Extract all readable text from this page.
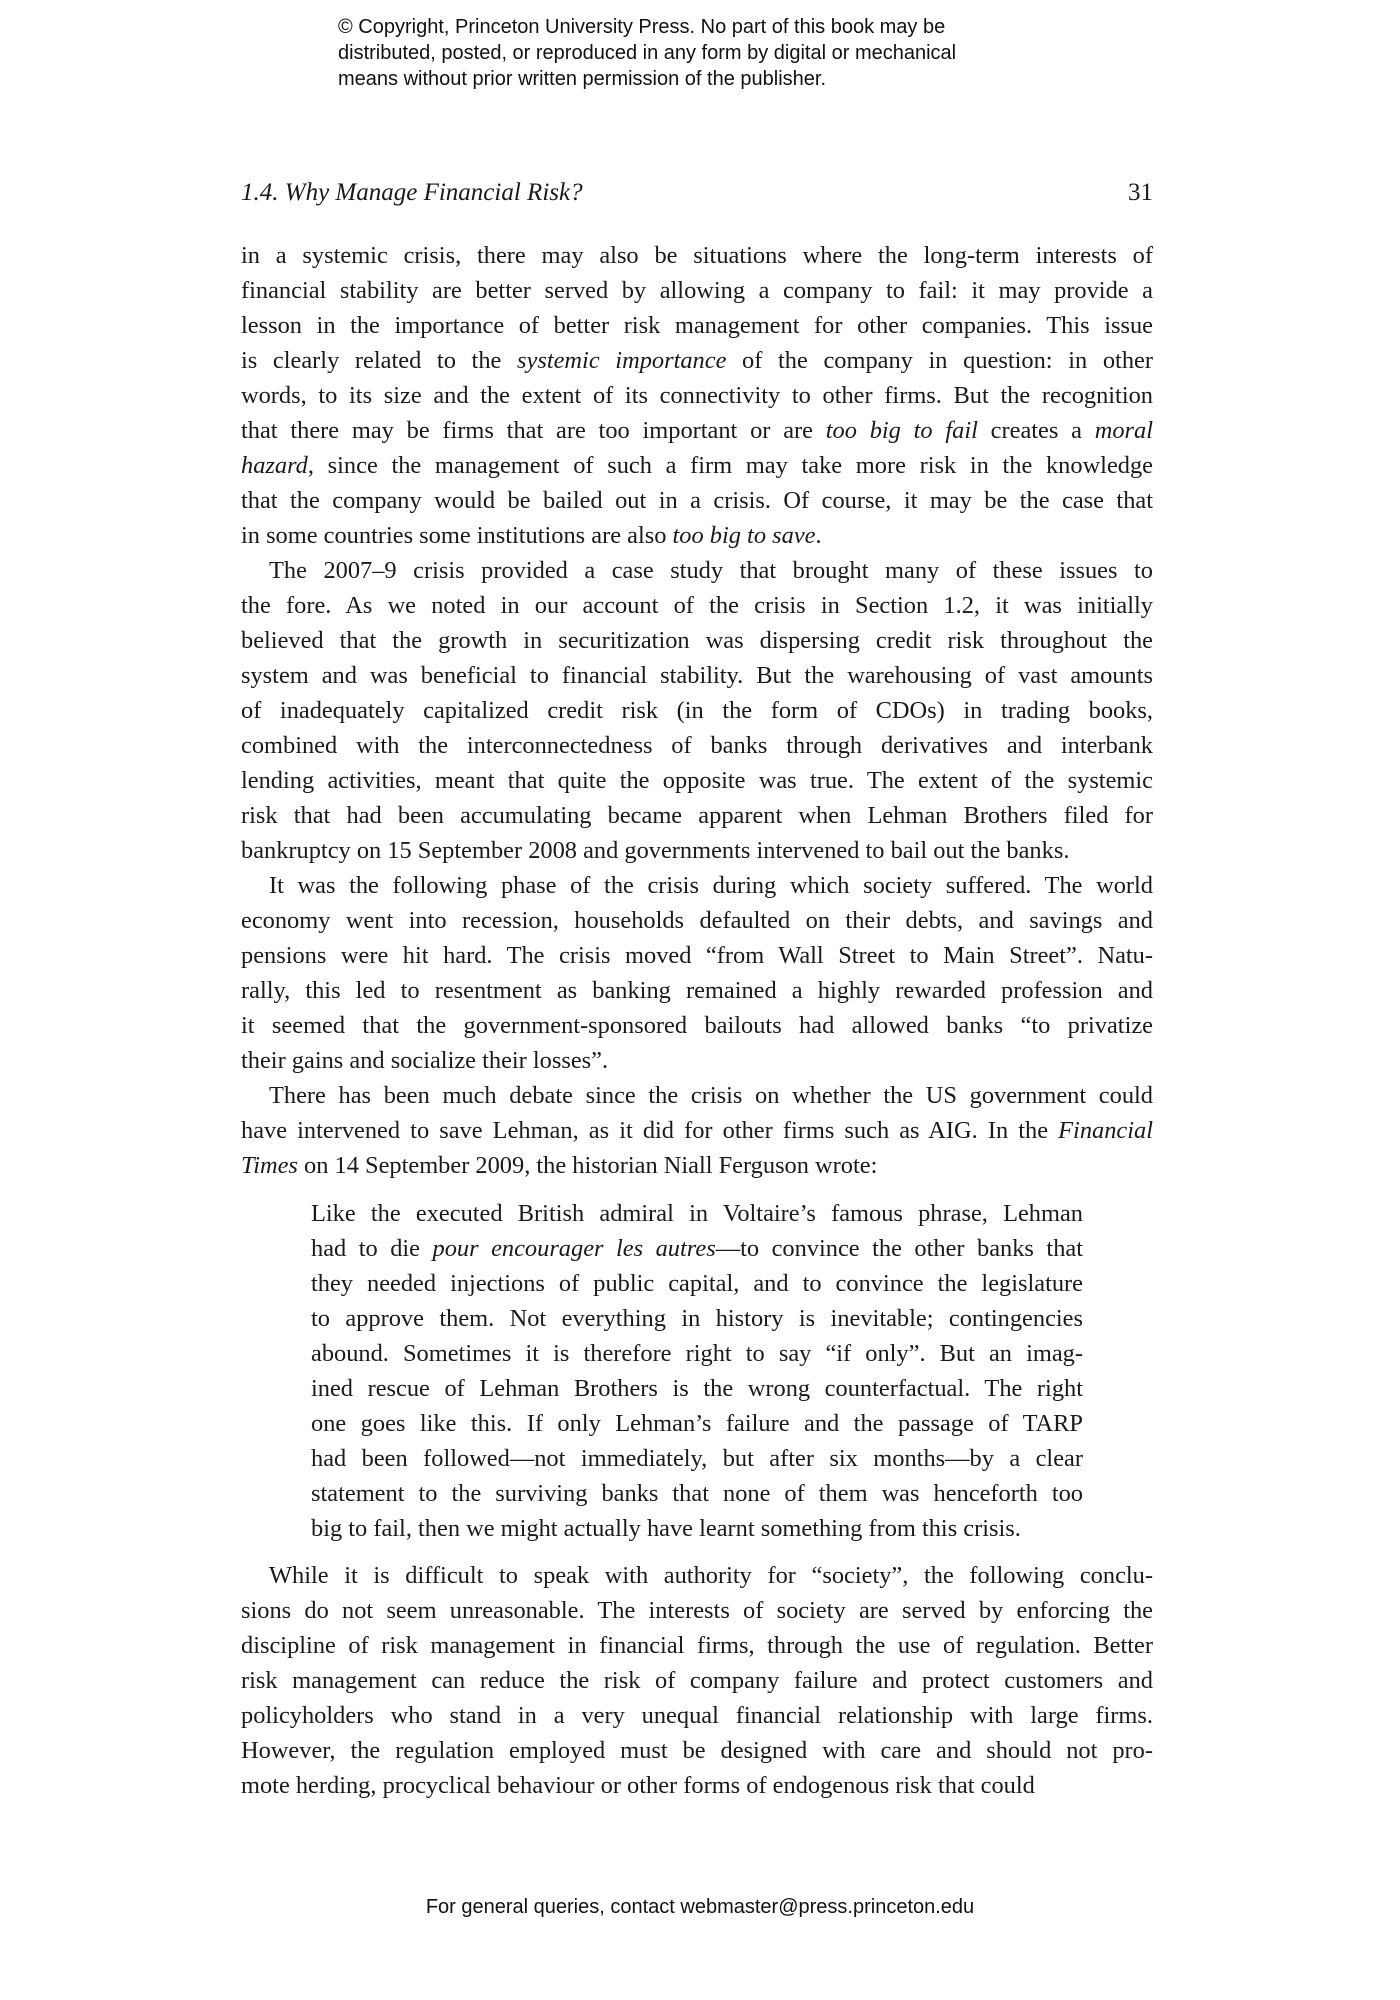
© Copyright, Princeton University Press. No part of this book may be
distributed, posted, or reproduced in any form by digital or mechanical
means without prior written permission of the publisher.
1.4. Why Manage Financial Risk?	31
in a systemic crisis, there may also be situations where the long-term interests of
financial stability are better served by allowing a company to fail: it may provide a
lesson in the importance of better risk management for other companies. This issue
is clearly related to the systemic importance of the company in question: in other
words, to its size and the extent of its connectivity to other firms. But the recognition
that there may be firms that are too important or are too big to fail creates a moral
hazard, since the management of such a firm may take more risk in the knowledge
that the company would be bailed out in a crisis. Of course, it may be the case that
in some countries some institutions are also too big to save.
The 2007–9 crisis provided a case study that brought many of these issues to
the fore. As we noted in our account of the crisis in Section 1.2, it was initially
believed that the growth in securitization was dispersing credit risk throughout the
system and was beneficial to financial stability. But the warehousing of vast amounts
of inadequately capitalized credit risk (in the form of CDOs) in trading books,
combined with the interconnectedness of banks through derivatives and interbank
lending activities, meant that quite the opposite was true. The extent of the systemic
risk that had been accumulating became apparent when Lehman Brothers filed for
bankruptcy on 15 September 2008 and governments intervened to bail out the banks.
It was the following phase of the crisis during which society suffered. The world
economy went into recession, households defaulted on their debts, and savings and
pensions were hit hard. The crisis moved “from Wall Street to Main Street”. Natu-
rally, this led to resentment as banking remained a highly rewarded profession and
it seemed that the government-sponsored bailouts had allowed banks “to privatize
their gains and socialize their losses”.
There has been much debate since the crisis on whether the US government could
have intervened to save Lehman, as it did for other firms such as AIG. In the Financial
Times on 14 September 2009, the historian Niall Ferguson wrote:
Like the executed British admiral in Voltaire’s famous phrase, Lehman
had to die pour encourager les autres—to convince the other banks that
they needed injections of public capital, and to convince the legislature
to approve them. Not everything in history is inevitable; contingencies
abound. Sometimes it is therefore right to say “if only”. But an imag-
ined rescue of Lehman Brothers is the wrong counterfactual. The right
one goes like this. If only Lehman’s failure and the passage of TARP
had been followed—not immediately, but after six months—by a clear
statement to the surviving banks that none of them was henceforth too
big to fail, then we might actually have learnt something from this crisis.
While it is difficult to speak with authority for “society”, the following conclu-
sions do not seem unreasonable. The interests of society are served by enforcing the
discipline of risk management in financial firms, through the use of regulation. Better
risk management can reduce the risk of company failure and protect customers and
policyholders who stand in a very unequal financial relationship with large firms.
However, the regulation employed must be designed with care and should not pro-
mote herding, procyclical behaviour or other forms of endogenous risk that could
For general queries, contact webmaster@press.princeton.edu
